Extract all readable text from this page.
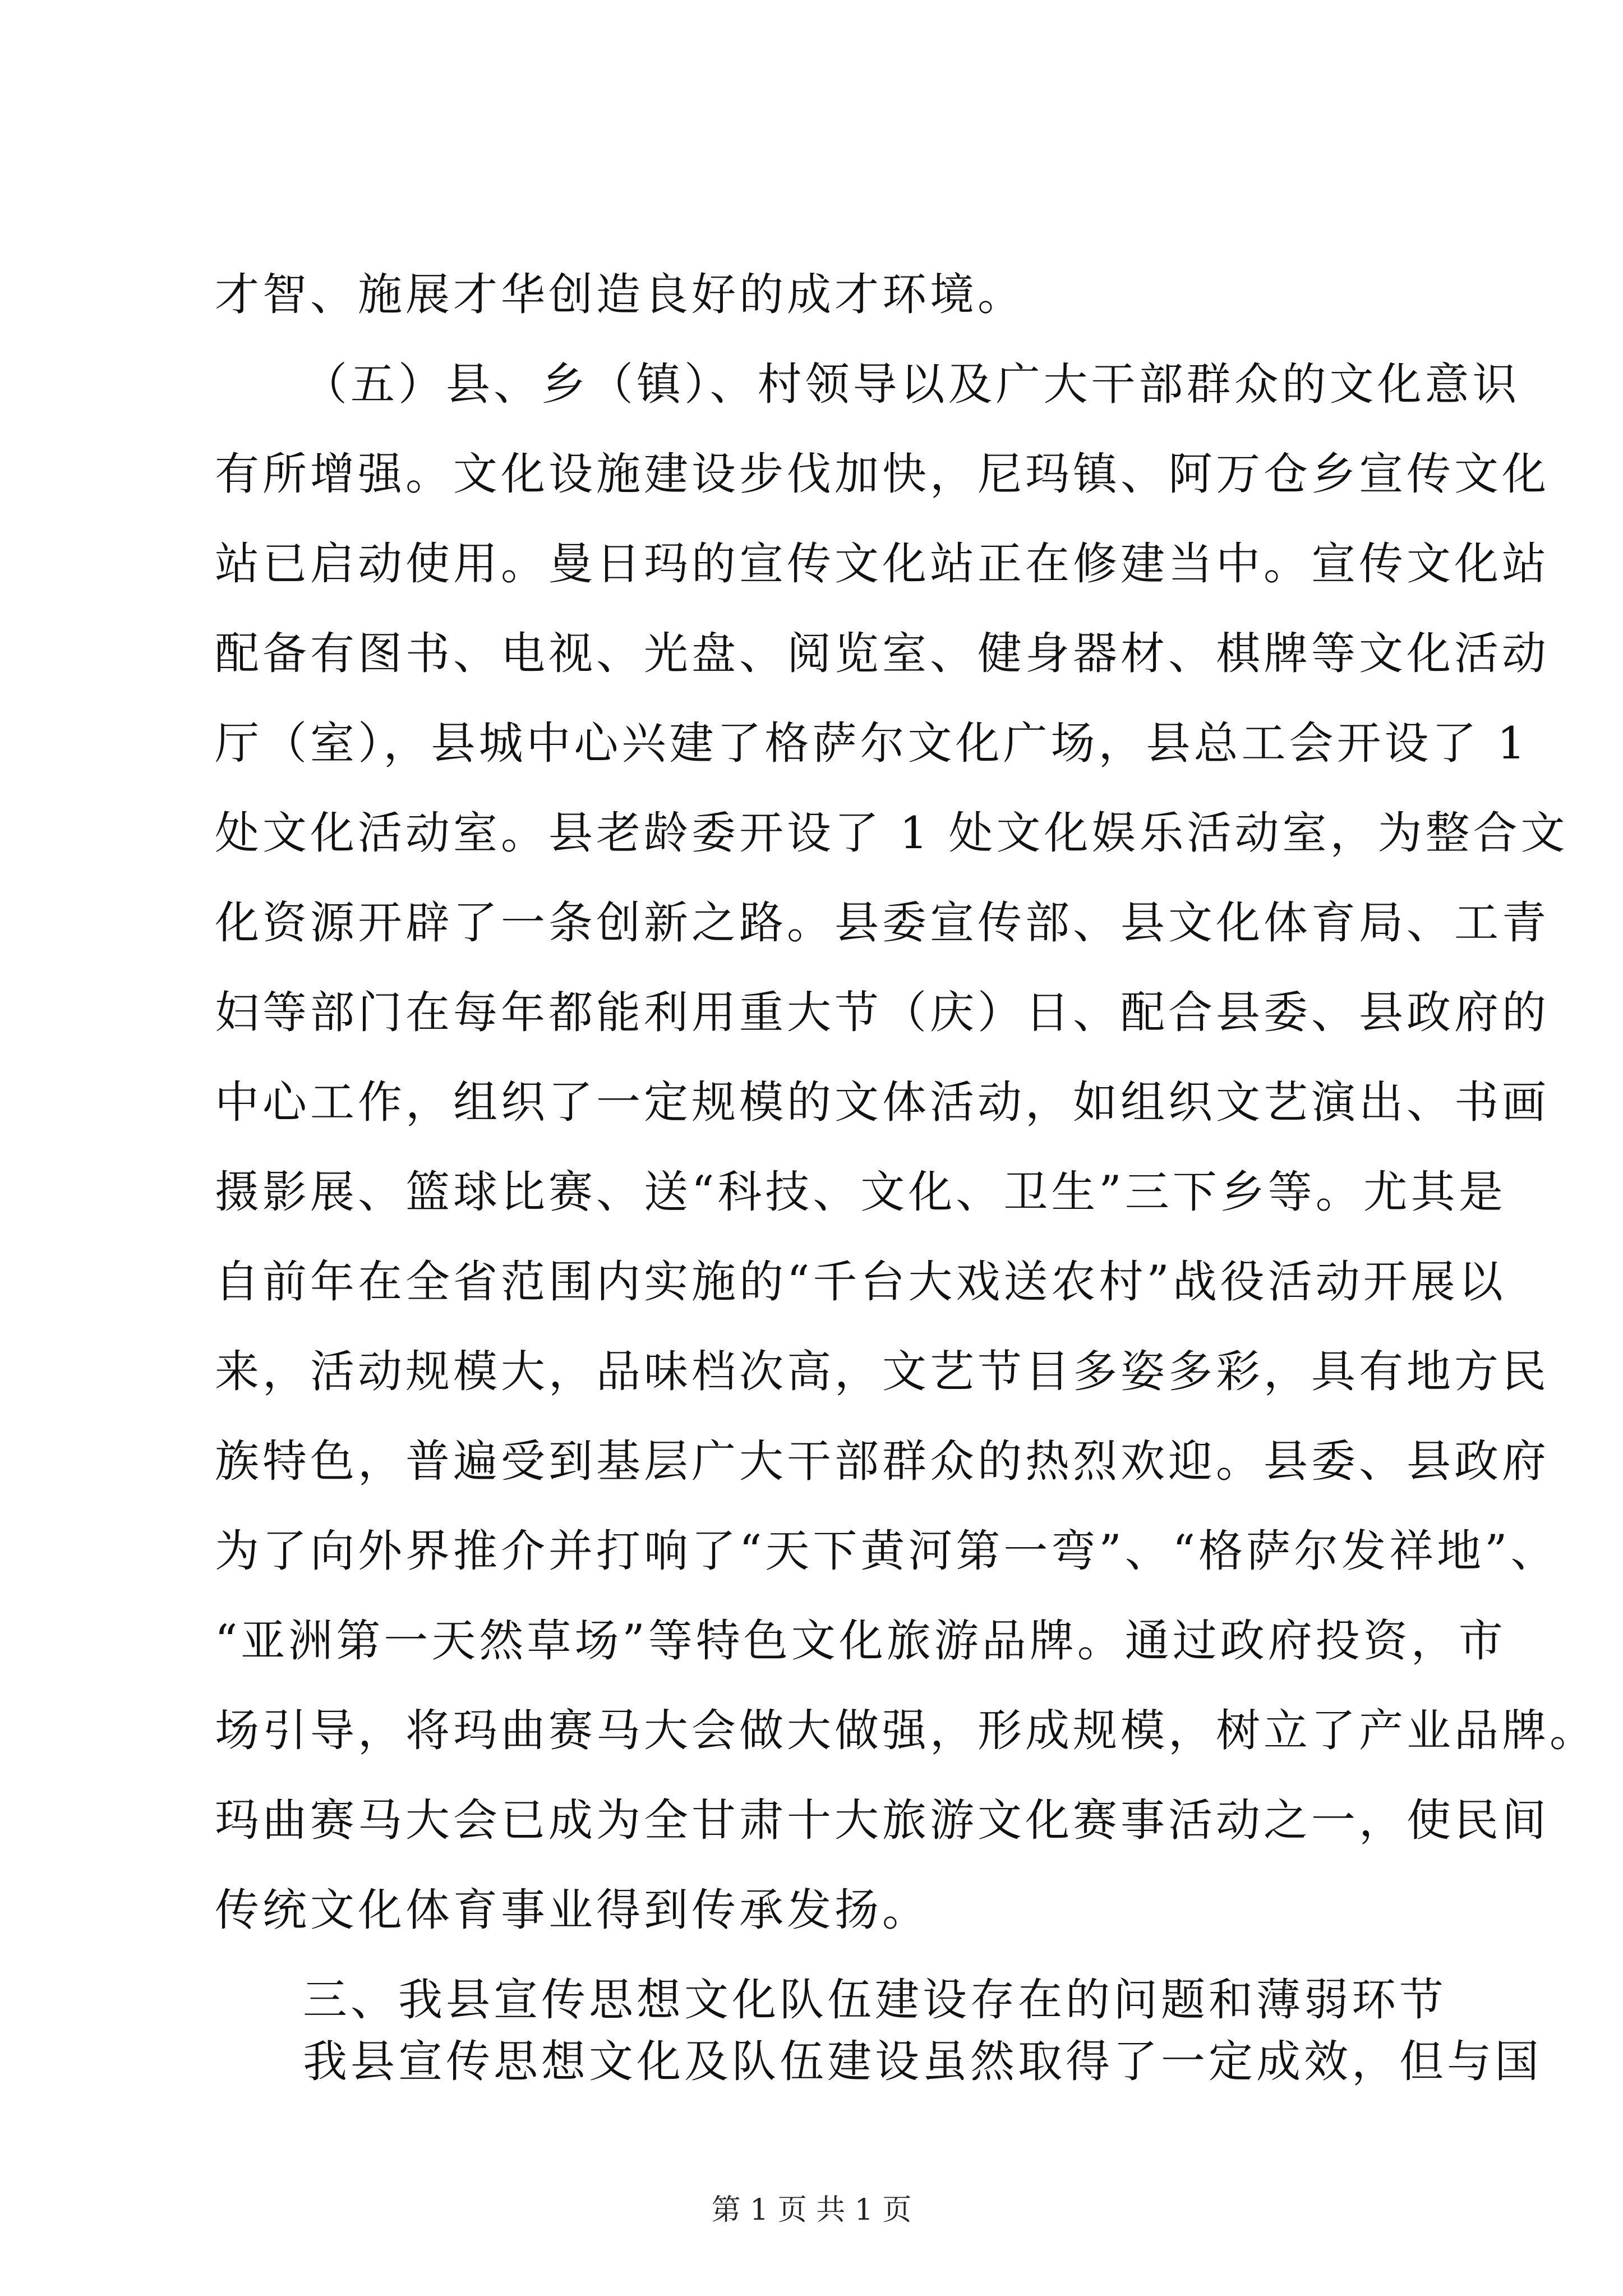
才智、施展才华创造良好的成才环境。
（五）县、乡（镇）、村领导以及广大干部群众的文化意识
有所增强。文化设施建设步伐加快，尼玛镇、阿万仓乡宣传文化
站已启动使用。曼日玛的宣传文化站正在修建当中。宣传文化站
配备有图书、电视、光盘、阅览室、健身器材、棋牌等文化活动
厅（室），县城中心兴建了格萨尔文化广场，县总工会开设了 1
处文化活动室。县老龄委开设了 1 处文化娱乐活动室，为整合文
化资源开辟了一条创新之路。县委宣传部、县文化体育局、工青
妇等部门在每年都能利用重大节（庆）日、配合县委、县政府的
中心工作，组织了一定规模的文体活动，如组织文艺演出、书画
摄影展、篮球比赛、送“科技、文化、卫生”三下乡等。尤其是
自前年在全省范围内实施的“千台大戏送农村”战役活动开展以
来，活动规模大，品味档次高，文艺节目多姿多彩，具有地方民
族特色，普遍受到基层广大干部群众的热烈欢迎。县委、县政府
为了向外界推介并打响了“天下黄河第一弯”、“格萨尔发祥地”、
“亚洲第一天然草场”等特色文化旅游品牌。通过政府投资，市
场引导，将玛曲赛马大会做大做强，形成规模，树立了产业品牌。
玛曲赛马大会已成为全甘肃十大旅游文化赛事活动之一，使民间
传统文化体育事业得到传承发扬。
三、我县宣传思想文化队伍建设存在的问题和薄弱环节
我县宣传思想文化及队伍建设虽然取得了一定成效，但与国
第 1 页 共 1 页
